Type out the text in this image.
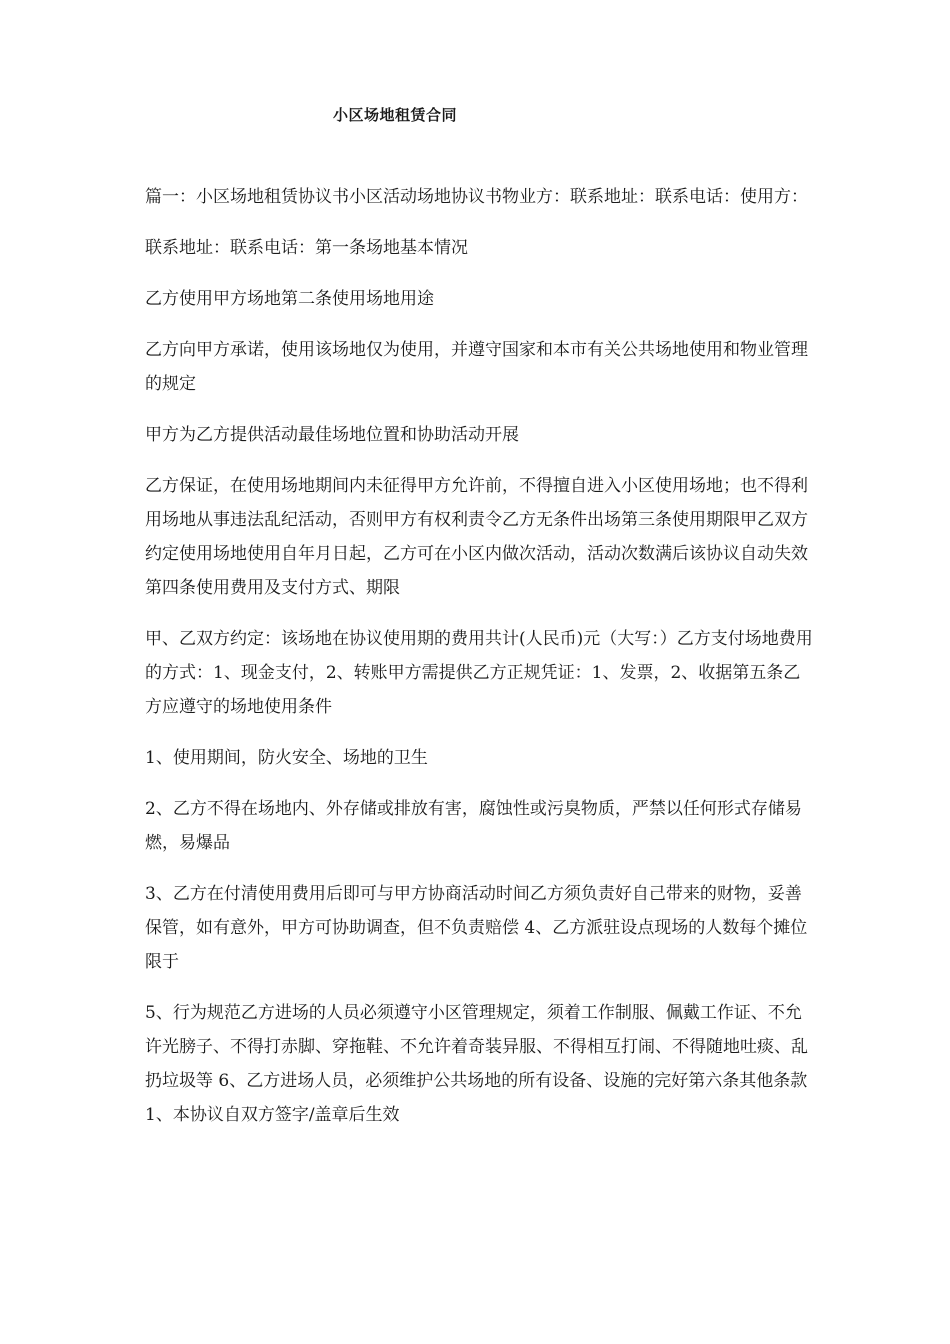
小区场地租赁合同

篇一：小区场地租赁协议书小区活动场地协议书物业方：联系地址：联系电话：使用方：

联系地址：联系电话：第一条场地基本情况

乙方使用甲方场地第二条使用场地用途

乙方向甲方承诺，使用该场地仅为使用，并遵守国家和本市有关公共场地使用和物业管理的规定

甲方为乙方提供活动最佳场地位置和协助活动开展

乙方保证，在使用场地期间内未征得甲方允许前，不得擅自进入小区使用场地；也不得利用场地从事违法乱纪活动，否则甲方有权利责令乙方无条件出场第三条使用期限甲乙双方约定使用场地使用自年月日起，乙方可在小区内做次活动，活动次数满后该协议自动失效第四条使用费用及支付方式、期限

甲、乙双方约定：该场地在协议使用期的费用共计(人民币)元（大写：）乙方支付场地费用的方式：1、现金支付，2、转账甲方需提供乙方正规凭证：1、发票，2、收据第五条乙方应遵守的场地使用条件

1、使用期间，防火安全、场地的卫生

2、乙方不得在场地内、外存储或排放有害，腐蚀性或污臭物质，严禁以任何形式存储易燃，易爆品

3、乙方在付清使用费用后即可与甲方协商活动时间乙方须负责好自己带来的财物，妥善保管，如有意外，甲方可协助调查，但不负责赔偿 4、乙方派驻设点现场的人数每个摊位限于

5、行为规范乙方进场的人员必须遵守小区管理规定，须着工作制服、佩戴工作证、不允许光膀子、不得打赤脚、穿拖鞋、不允许着奇装异服、不得相互打闹、不得随地吐痰、乱扔垃圾等 6、乙方进场人员，必须维护公共场地的所有设备、设施的完好第六条其他条款 1、本协议自双方签字/盖章后生效
